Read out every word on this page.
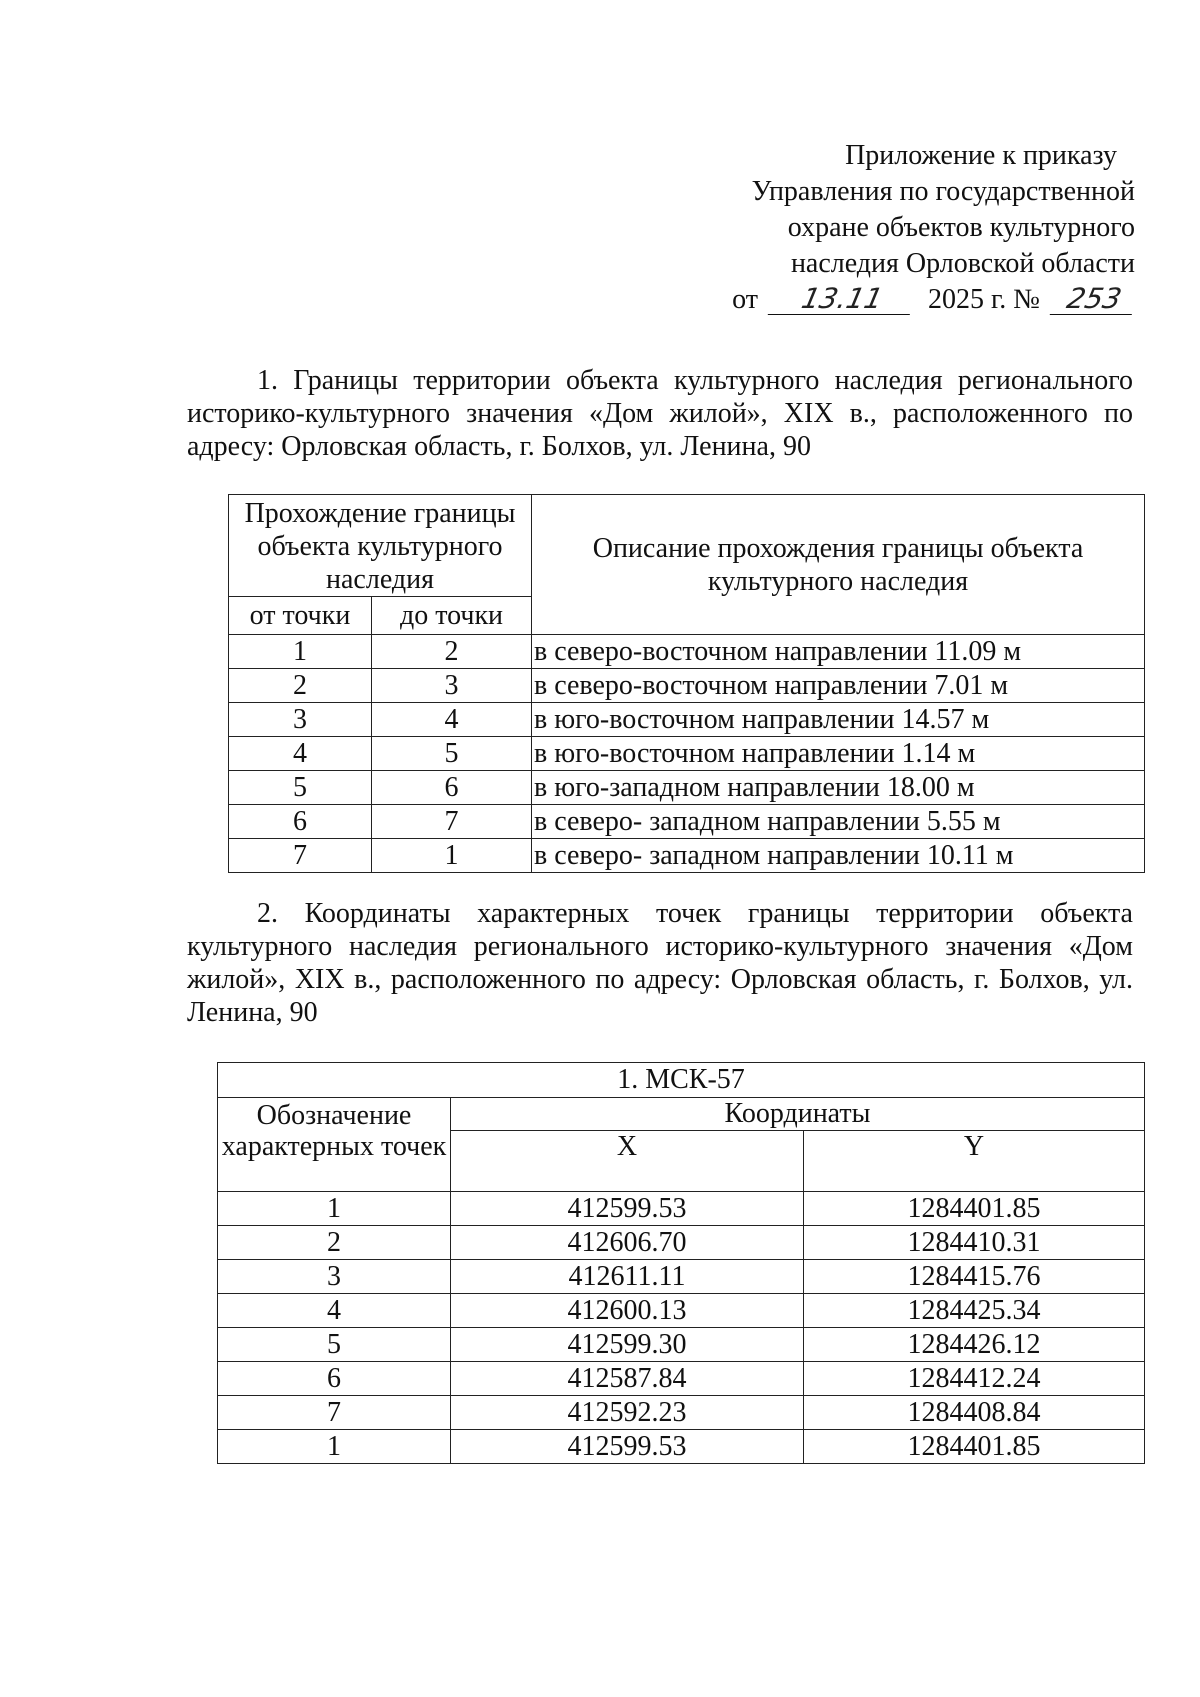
Приложение к приказу
Управления по государственной
охране объектов культурного
наследия Орловской области
от 13.11 2025 г. № 253
1. Границы территории объекта культурного наследия регионального историко-культурного значения «Дом жилой», XIX в., расположенного по адресу: Орловская область, г. Болхов, ул. Ленина, 90
Прохождение границы объекта культурного наследия		Описание прохождения границы объекта культурного наследия
от точки	до точки	
1	2	в северо-восточном направлении 11.09 м
2	3	в северо-восточном направлении 7.01 м
3	4	в юго-восточном направлении 14.57 м
4	5	в юго-восточном направлении 1.14 м
5	6	в юго-западном направлении 18.00 м
6	7	в северо- западном направлении 5.55 м
7	1	в северо- западном направлении 10.11 м
2. Координаты характерных точек границы территории объекта культурного наследия регионального историко-культурного значения «Дом жилой», XIX в., расположенного по адресу: Орловская область, г. Болхов, ул. Ленина, 90
1. МСК-57		
Обозначение характерных точек	Координаты	
	X	Y
1	412599.53	1284401.85
2	412606.70	1284410.31
3	412611.11	1284415.76
4	412600.13	1284425.34
5	412599.30	1284426.12
6	412587.84	1284412.24
7	412592.23	1284408.84
1	412599.53	1284401.85
